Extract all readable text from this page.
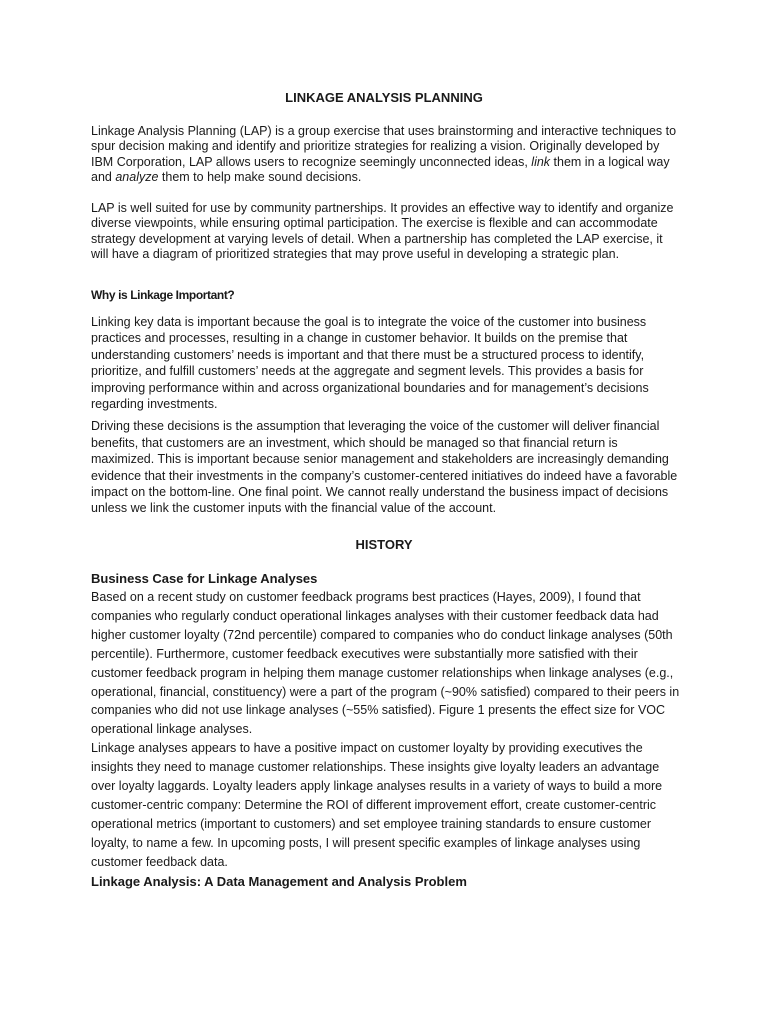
LINKAGE ANALYSIS PLANNING

Linkage Analysis Planning (LAP) is a group exercise that uses brainstorming and interactive techniques to spur decision making and identify and prioritize strategies for realizing a vision. Originally developed by IBM Corporation, LAP allows users to recognize seemingly unconnected ideas, link them in a logical way and analyze them to help make sound decisions.

LAP is well suited for use by community partnerships. It provides an effective way to identify and organize diverse viewpoints, while ensuring optimal participation. The exercise is flexible and can accommodate strategy development at varying levels of detail. When a partnership has completed the LAP exercise, it will have a diagram of prioritized strategies that may prove useful in developing a strategic plan.

Why is Linkage Important?

Linking key data is important because the goal is to integrate the voice of the customer into business practices and processes, resulting in a change in customer behavior. It builds on the premise that understanding customers’ needs is important and that there must be a structured process to identify, prioritize, and fulfill customers’ needs at the aggregate and segment levels. This provides a basis for improving performance within and across organizational boundaries and for management’s decisions regarding investments.

Driving these decisions is the assumption that leveraging the voice of the customer will deliver financial benefits, that customers are an investment, which should be managed so that financial return is maximized. This is important because senior management and stakeholders are increasingly demanding evidence that their investments in the company’s customer-centered initiatives do indeed have a favorable impact on the bottom-line. One final point. We cannot really understand the business impact of decisions unless we link the customer inputs with the financial value of the account.

HISTORY
Business Case for Linkage Analyses

Based on a recent study on customer feedback programs best practices (Hayes, 2009), I found that companies who regularly conduct operational linkages analyses with their customer feedback data had higher customer loyalty (72nd percentile) compared to companies who do conduct linkage analyses (50th percentile). Furthermore, customer feedback executives were substantially more satisfied with their customer feedback program in helping them manage customer relationships when linkage analyses (e.g., operational, financial, constituency) were a part of the program (~90% satisfied) compared to their peers in companies who did not use linkage analyses (~55% satisfied). Figure 1 presents the effect size for VOC operational linkage analyses.

Linkage analyses appears to have a positive impact on customer loyalty by providing executives the insights they need to manage customer relationships. These insights give loyalty leaders an advantage over loyalty laggards. Loyalty leaders apply linkage analyses results in a variety of ways to build a more customer-centric company: Determine the ROI of different improvement effort, create customer-centric operational metrics (important to customers) and set employee training standards to ensure customer loyalty, to name a few. In upcoming posts, I will present specific examples of linkage analyses using customer feedback data.

Linkage Analysis: A Data Management and Analysis Problem
